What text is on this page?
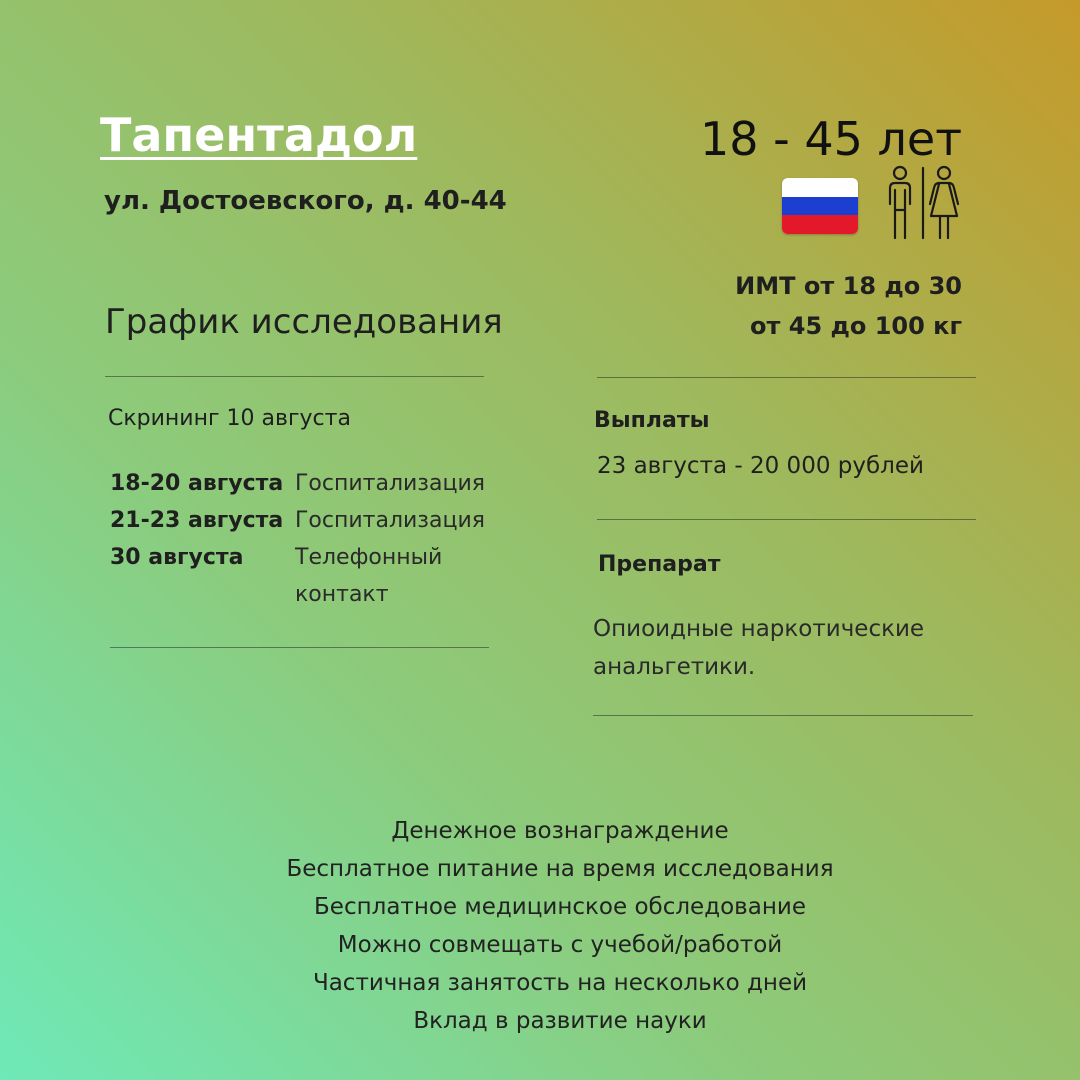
Тапентадол
ул. Достоевского, д. 40-44
18 - 45 лет
ИМТ от 18 до 30
от 45 до 100 кг
График исследования
Скрининг 10 августа
18-20 августа Госпитализация
21-23 августа Госпитализация
30 августа	Телефонный контакт
Выплаты
23 августа - 20 000 рублей
Препарат
Опиоидные наркотические анальгетики.
Денежное вознаграждение
Бесплатное питание на время исследования
Бесплатное медицинское обследование
Можно совмещать с учебой/работой
Частичная занятость на несколько дней
Вклад в развитие науки
